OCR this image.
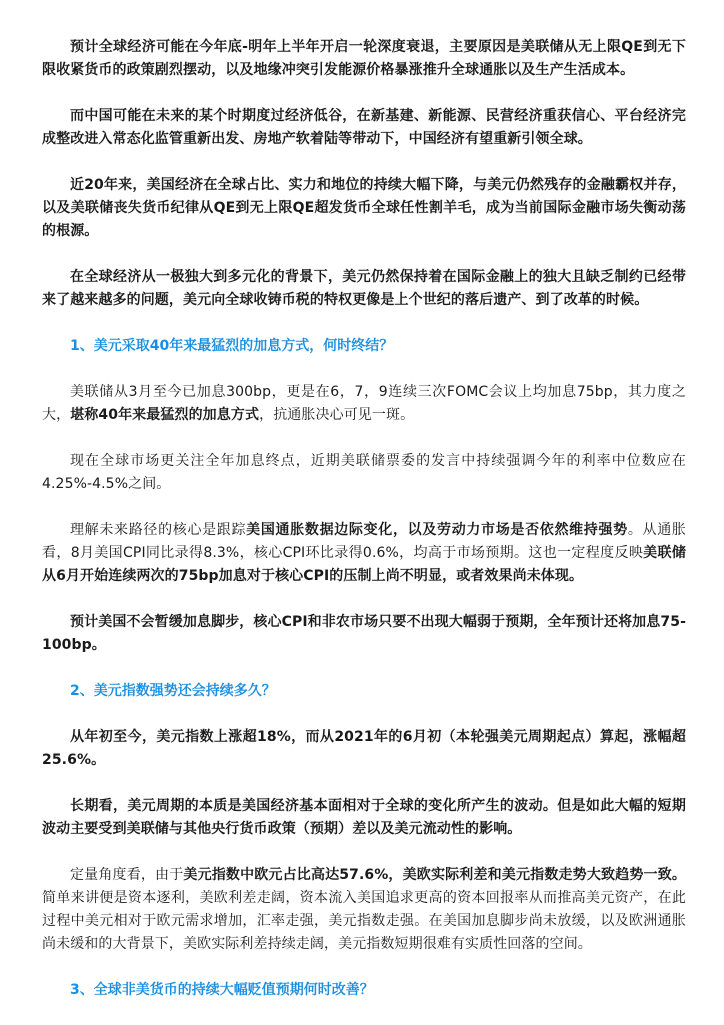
预计全球经济可能在今年底-明年上半年开启一轮深度衰退，主要原因是美联储从无上限QE到无下限收紧货币的政策剧烈摆动，以及地缘冲突引发能源价格暴涨推升全球通胀以及生产生活成本。

而中国可能在未来的某个时期度过经济低谷，在新基建、新能源、民营经济重获信心、平台经济完成整改进入常态化监管重新出发、房地产软着陆等带动下，中国经济有望重新引领全球。

近20年来，美国经济在全球占比、实力和地位的持续大幅下降，与美元仍然残存的金融霸权并存，以及美联储丧失货币纪律从QE到无上限QE超发货币全球任性割羊毛，成为当前国际金融市场失衡动荡的根源。

在全球经济从一极独大到多元化的背景下，美元仍然保持着在国际金融上的独大且缺乏制约已经带来了越来越多的问题，美元向全球收铸币税的特权更像是上个世纪的落后遗产、到了改革的时候。

1、美元采取40年来最猛烈的加息方式，何时终结？

美联储从3月至今已加息300bp，更是在6，7，9连续三次FOMC会议上均加息75bp，其力度之大，堪称40年来最猛烈的加息方式，抗通胀决心可见一斑。

现在全球市场更关注全年加息终点，近期美联储票委的发言中持续强调今年的利率中位数应在4.25%-4.5%之间。

理解未来路径的核心是跟踪美国通胀数据边际变化，以及劳动力市场是否依然维持强势。从通胀看，8月美国CPI同比录得8.3%，核心CPI环比录得0.6%，均高于市场预期。这也一定程度反映美联储从6月开始连续两次的75bp加息对于核心CPI的压制上尚不明显，或者效果尚未体现。

预计美国不会暂缓加息脚步，核心CPI和非农市场只要不出现大幅弱于预期，全年预计还将加息75-100bp。

2、美元指数强势还会持续多久？

从年初至今，美元指数上涨超18%，而从2021年的6月初（本轮强美元周期起点）算起，涨幅超25.6%。

长期看，美元周期的本质是美国经济基本面相对于全球的变化所产生的波动。但是如此大幅的短期波动主要受到美联储与其他央行货币政策（预期）差以及美元流动性的影响。

定量角度看，由于美元指数中欧元占比高达57.6%，美欧实际利差和美元指数走势大致趋势一致。简单来讲便是资本逐利，美欧利差走阔，资本流入美国追求更高的资本回报率从而推高美元资产，在此过程中美元相对于欧元需求增加，汇率走强，美元指数走强。在美国加息脚步尚未放缓，以及欧洲通胀尚未缓和的大背景下，美欧实际利差持续走阔，美元指数短期很难有实质性回落的空间。

3、全球非美货币的持续大幅贬值预期何时改善？
